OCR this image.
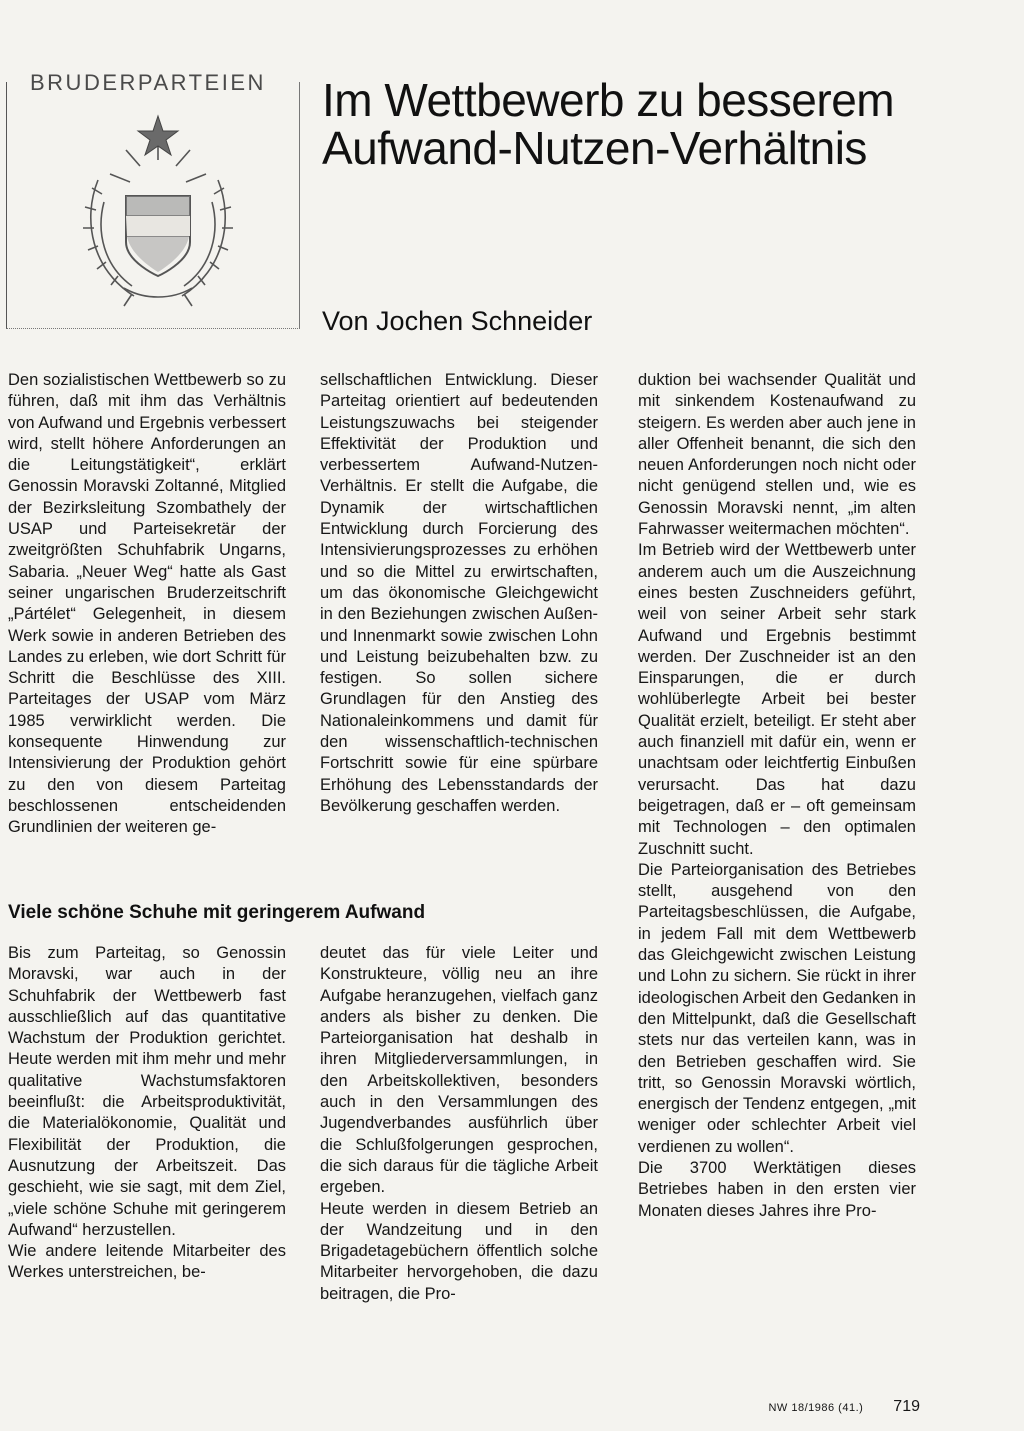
BRUDERPARTEIEN Im Wettbewerb zu besserem
Aufwand-Nutzen-Verhältnis
Von Jochen Schneider

Den sozialistischen Wettbewerb so zu führen, daß mit ihm das Verhältnis von Aufwand und Ergebnis verbessert wird, stellt höhere Anforderungen an die Leitungstätigkeit“, erklärt Genossin Moravski Zoltanné, Mitglied der Bezirksleitung Szombathely der USAP und Parteisekretär der zweitgrößten Schuhfabrik Ungarns, Sabaria. „Neuer Weg“ hatte als Gast seiner ungarischen Bruderzeitschrift „Pártélet“ Gelegenheit, in diesem Werk sowie in anderen Betrieben des Landes zu erleben, wie dort Schritt für Schritt die Beschlüsse des XIII. Parteitages der USAP vom März 1985 verwirklicht werden. Die konsequente Hinwendung zur Intensivierung der Produktion gehört zu den von diesem Parteitag beschlossenen entscheidenden Grundlinien der weiteren ge-

sellschaftlichen Entwicklung. Dieser Parteitag orientiert auf bedeutenden Leistungszuwachs bei steigender Effektivität der Produktion und verbessertem Aufwand-Nutzen-Verhältnis. Er stellt die Aufgabe, die Dynamik der wirtschaftlichen Entwicklung durch Forcierung des Intensivierungsprozesses zu erhöhen und so die Mittel zu erwirtschaften, um das ökonomische Gleichgewicht in den Beziehungen zwischen Außen- und Innenmarkt sowie zwischen Lohn und Leistung beizubehalten bzw. zu festigen. So sollen sichere Grundlagen für den Anstieg des Nationaleinkommens und damit für den wissenschaftlich-technischen Fortschritt sowie für eine spürbare Erhöhung des Lebensstandards der Bevölkerung geschaffen werden.

duktion bei wachsender Qualität und mit sinkendem Kostenaufwand zu steigern. Es werden aber auch jene in aller Offenheit benannt, die sich den neuen Anforderungen noch nicht oder nicht genügend stellen und, wie es Genossin Moravski nennt, „im alten Fahrwasser weitermachen möchten“.

Im Betrieb wird der Wettbewerb unter anderem auch um die Auszeichnung eines besten Zuschneiders geführt, weil von seiner Arbeit sehr stark Aufwand und Ergebnis bestimmt werden. Der Zuschneider ist an den Einsparungen, die er durch wohlüberlegte Arbeit bei bester Qualität erzielt, beteiligt. Er steht aber auch finanziell mit dafür ein, wenn er unachtsam oder leichtfertig Einbußen verursacht. Das hat dazu beigetragen, daß er – oft gemeinsam mit Technologen – den optimalen Zuschnitt sucht.

Die Parteiorganisation des Betriebes stellt, ausgehend von den Parteitagsbeschlüssen, die Aufgabe, in jedem Fall mit dem Wettbewerb das Gleichgewicht zwischen Leistung und Lohn zu sichern. Sie rückt in ihrer ideologischen Arbeit den Gedanken in den Mittelpunkt, daß die Gesellschaft stets nur das verteilen kann, was in den Betrieben geschaffen wird. Sie tritt, so Genossin Moravski wörtlich, energisch der Tendenz entgegen, „mit weniger oder schlechter Arbeit viel verdienen zu wollen“.

Die 3700 Werktätigen dieses Betriebes haben in den ersten vier Monaten dieses Jahres ihre Pro-

Viele schöne Schuhe mit geringerem Aufwand

Bis zum Parteitag, so Genossin Moravski, war auch in der Schuhfabrik der Wettbewerb fast ausschließlich auf das quantitative Wachstum der Produktion gerichtet. Heute werden mit ihm mehr und mehr qualitative Wachstumsfaktoren beeinflußt: die Arbeitsproduktivität, die Materialökonomie, Qualität und Flexibilität der Produktion, die Ausnutzung der Arbeitszeit. Das geschieht, wie sie sagt, mit dem Ziel, „viele schöne Schuhe mit geringerem Aufwand“ herzustellen.

Wie andere leitende Mitarbeiter des Werkes unterstreichen, be-

deutet das für viele Leiter und Konstrukteure, völlig neu an ihre Aufgabe heranzugehen, vielfach ganz anders als bisher zu denken. Die Parteiorganisation hat deshalb in ihren Mitgliederversammlungen, in den Arbeitskollektiven, besonders auch in den Versammlungen des Jugendverbandes ausführlich über die Schlußfolgerungen gesprochen, die sich daraus für die tägliche Arbeit ergeben.

Heute werden in diesem Betrieb an der Wandzeitung und in den Brigadetagebüchern öffentlich solche Mitarbeiter hervorgehoben, die dazu beitragen, die Pro-

NW 18/1986 (41.) 719
